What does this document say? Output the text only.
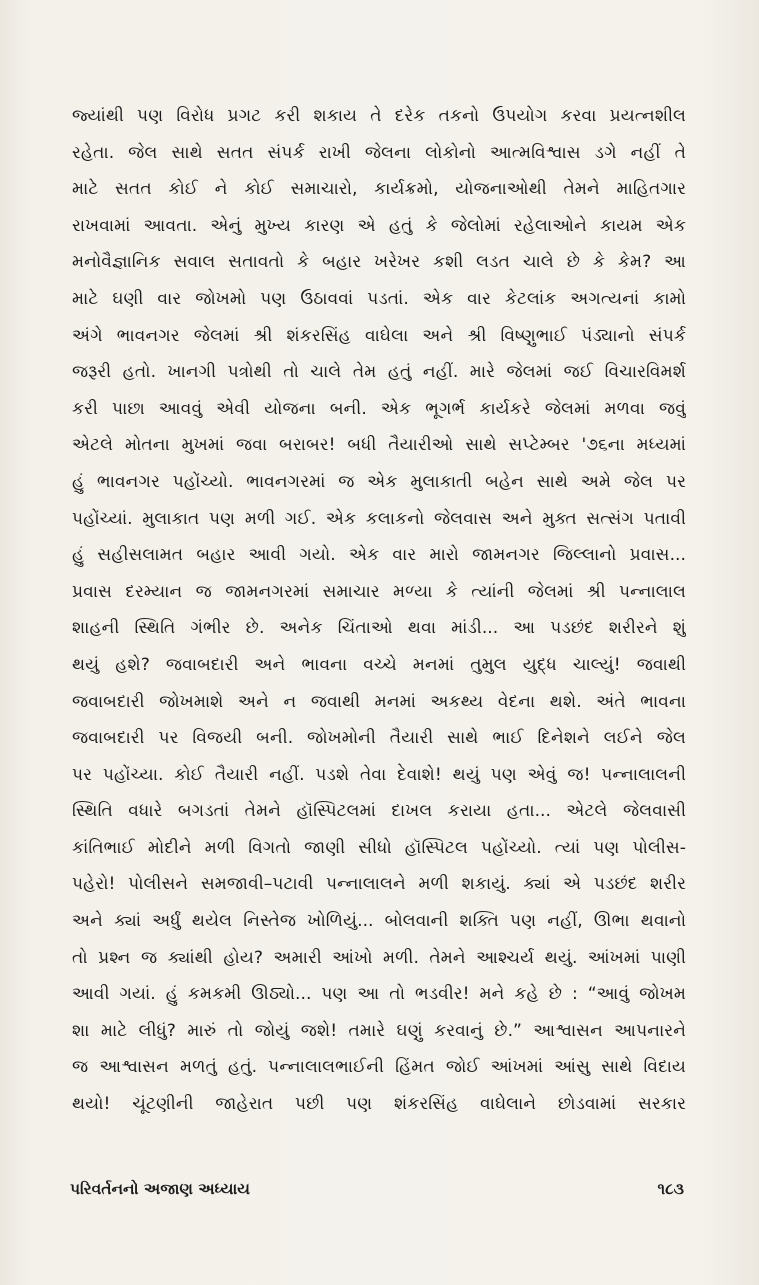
જ્યાંથી પણ વિરોધ પ્રગટ કરી શકાય તે દરેક તકનો ઉપયોગ કરવા પ્રયત્નશીલ
રહેતા. જેલ સાથે સતત સંપર્ક રાખી જેલના લોકોનો આત્મવિશ્વાસ ડગે નહીં તે
માટે સતત કોઈ ને કોઈ સમાચારો, કાર્યક્રમો, યોજનાઓથી તેમને માહિતગાર
રાખવામાં આવતા. એનું મુખ્ય કારણ એ હતું કે જેલોમાં રહેલાઓને કાયમ એક
મનોવૈજ્ઞાનિક સવાલ સતાવતો કે બહાર ખરેખર કશી લડત ચાલે છે કે કેમ? આ
માટે ઘણી વાર જોખમો પણ ઉઠાવવાં પડતાં. એક વાર કેટલાંક અગત્યનાં કામો
અંગે ભાવનગર જેલમાં શ્રી શંકરસિંહ વાઘેલા અને શ્રી વિષ્ણુભાઈ પંડ્યાનો સંપર્ક
જરૂરી હતો. ખાનગી પત્રોથી તો ચાલે તેમ હતું નહીં. મારે જેલમાં જઈ વિચારવિમર્શ
કરી પાછા આવવું એવી યોજના બની. એક ભૂગર્ભ કાર્યકરે જેલમાં મળવા જવું
એટલે મોતના મુખમાં જવા બરાબર! બધી તૈયારીઓ સાથે સપ્ટેમ્બર '૭૬ના મધ્યમાં
હું ભાવનગર પહોંચ્યો. ભાવનગરમાં જ એક મુલાકાતી બહેન સાથે અમે જેલ પર
પહોંચ્યાં. મુલાકાત પણ મળી ગઈ. એક કલાકનો જેલવાસ અને મુક્ત સત્સંગ પતાવી
હું સહીસલામત બહાર આવી ગયો. એક વાર મારો જામનગર જિલ્લાનો પ્રવાસ...
પ્રવાસ દરમ્યાન જ જામનગરમાં સમાચાર મળ્યા કે ત્યાંની જેલમાં શ્રી પન્નાલાલ
શાહની સ્થિતિ ગંભીર છે. અનેક ચિંતાઓ થવા માંડી... આ પડછંદ શરીરને શું
થયું હશે? જવાબદારી અને ભાવના વચ્ચે મનમાં તુમુલ યુદ્ધ ચાલ્યું! જવાથી
જવાબદારી જોખમાશે અને ન જવાથી મનમાં અકથ્ય વેદના થશે. અંતે ભાવના
જવાબદારી પર વિજયી બની. જોખમોની તૈયારી સાથે ભાઈ દિનેશને લઈને જેલ
પર પહોંચ્યા. કોઈ તૈયારી નહીં. પડશે તેવા દેવાશે! થયું પણ એવું જ! પન્નાલાલની
સ્થિતિ વધારે બગડતાં તેમને હૉસ્પિટલમાં દાખલ કરાયા હતા... એટલે જેલવાસી
કાંતિભાઈ મોદીને મળી વિગતો જાણી સીધો હૉસ્પિટલ પહોંચ્યો. ત્યાં પણ પોલીસ-
પહેરો! પોલીસને સમજાવી–પટાવી પન્નાલાલને મળી શકાયું. ક્યાં એ પડછંદ શરીર
અને ક્યાં અર્ધું થયેલ નિસ્તેજ ખોળિયું... બોલવાની શક્તિ પણ નહીં, ઊભા થવાનો
તો પ્રશ્ન જ ક્યાંથી હોય? અમારી આંખો મળી. તેમને આશ્ચર્ય થયું. આંખમાં પાણી
આવી ગયાં. હું કમકમી ઊઠ્યો... પણ આ તો ભડવીર! મને કહે છે : “આવું જોખમ
શા માટે લીધું? મારું તો જોયું જશે! તમારે ઘણું કરવાનું છે.” આશ્વાસન આપનારને
જ આશ્વાસન મળતું હતું. પન્નાલાલભાઈની હિંમત જોઈ આંખમાં આંસુ સાથે વિદાય
થયો! ચૂંટણીની જાહેરાત પછી પણ શંકરસિંહ વાઘેલાને છોડવામાં સરકાર
પરિવર્તનનો અજાણ અધ્યાય	૧૮૩
